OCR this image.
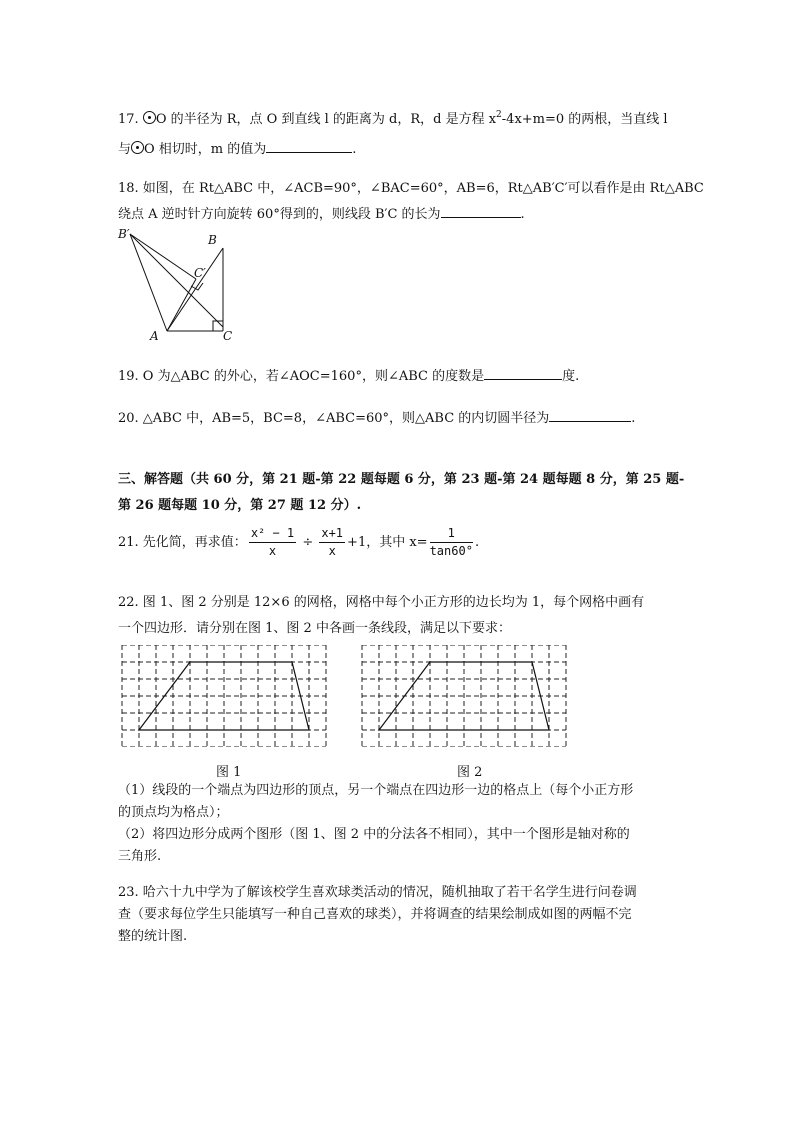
17. O 的半径为 R，点 O 到直线 l 的距离为 d，R，d 是方程 $x^2-4x+m=0$ 的两根，当直线 l
与 O 相切时，m 的值为	.
18. 如图，在 Rt△ABC 中，∠ACB=90°，∠BAC=60°，AB=6，Rt△AB′C′可以看作是由 Rt△ABC
绕点 A 逆时针方向旋转 60°得到的，则线段 B′C 的长为	.
B′	B
C′
A	C
19. O 为△ABC 的外心，若∠AOC=160°，则∠ABC 的度数是	度.
20. △ABC 中，AB=5，BC=8，∠ABC=60°，则△ABC 的内切圆半径为	.
三、解答题（共 60 分，第 21 题-第 22 题每题 6 分，第 23 题-第 24 题每题 8 分，第 25 题-
第 26 题每题 10 分，第 27 题 12 分）.
21. 先化简，再求值： $\frac{\text{x² − 1}}{x} \div \frac{x+1}{x} +1$，其中 $x= \frac{1}{\tan 60^\circ}$ .
22. 图 1、图 2 分别是 12×6 的网格，网格中每个小正方形的边长均为 1，每个网格中画有
一个四边形．请分别在图 1、图 2 中各画一条线段，满足以下要求：
图 1	图 2
（1）线段的一个端点为四边形的顶点，另一个端点在四边形一边的格点上（每个小正方形
的顶点均为格点）；
（2）将四边形分成两个图形（图 1、图 2 中的分法各不相同），其中一个图形是轴对称的
三角形.
23. 哈六十九中学为了解该校学生喜欢球类活动的情况，随机抽取了若干名学生进行问卷调
查（要求每位学生只能填写一种自己喜欢的球类），并将调查的结果绘制成如图的两幅不完
整的统计图.
